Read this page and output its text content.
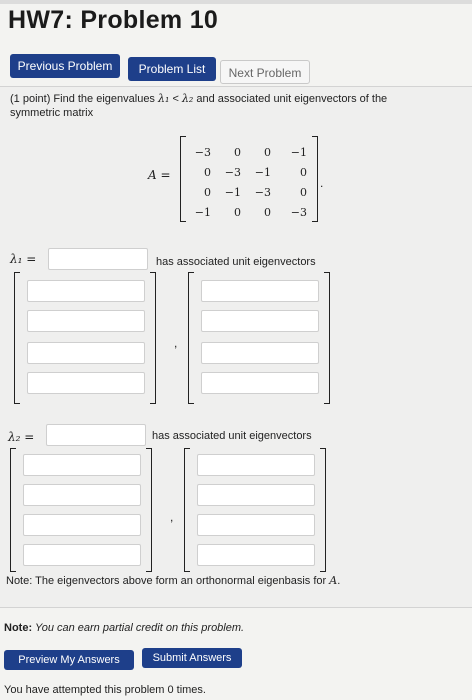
HW7: Problem 10
Previous Problem	Problem List	Next Problem
(1 point) Find the eigenvalues λ₁ < λ₂ and associated unit eigenvectors of the
symmetric matrix
A =
−3	0	0	−1
0	−3	−1	0
0	−1	−3	0
−1	0	0	−3
.
λ₁ =	has associated unit eigenvectors
,
λ₂ =	has associated unit eigenvectors
,
Note: The eigenvectors above form an orthonormal eigenbasis for A.
Note: You can earn partial credit on this problem.
Preview My Answers	Submit Answers
You have attempted this problem 0 times.
